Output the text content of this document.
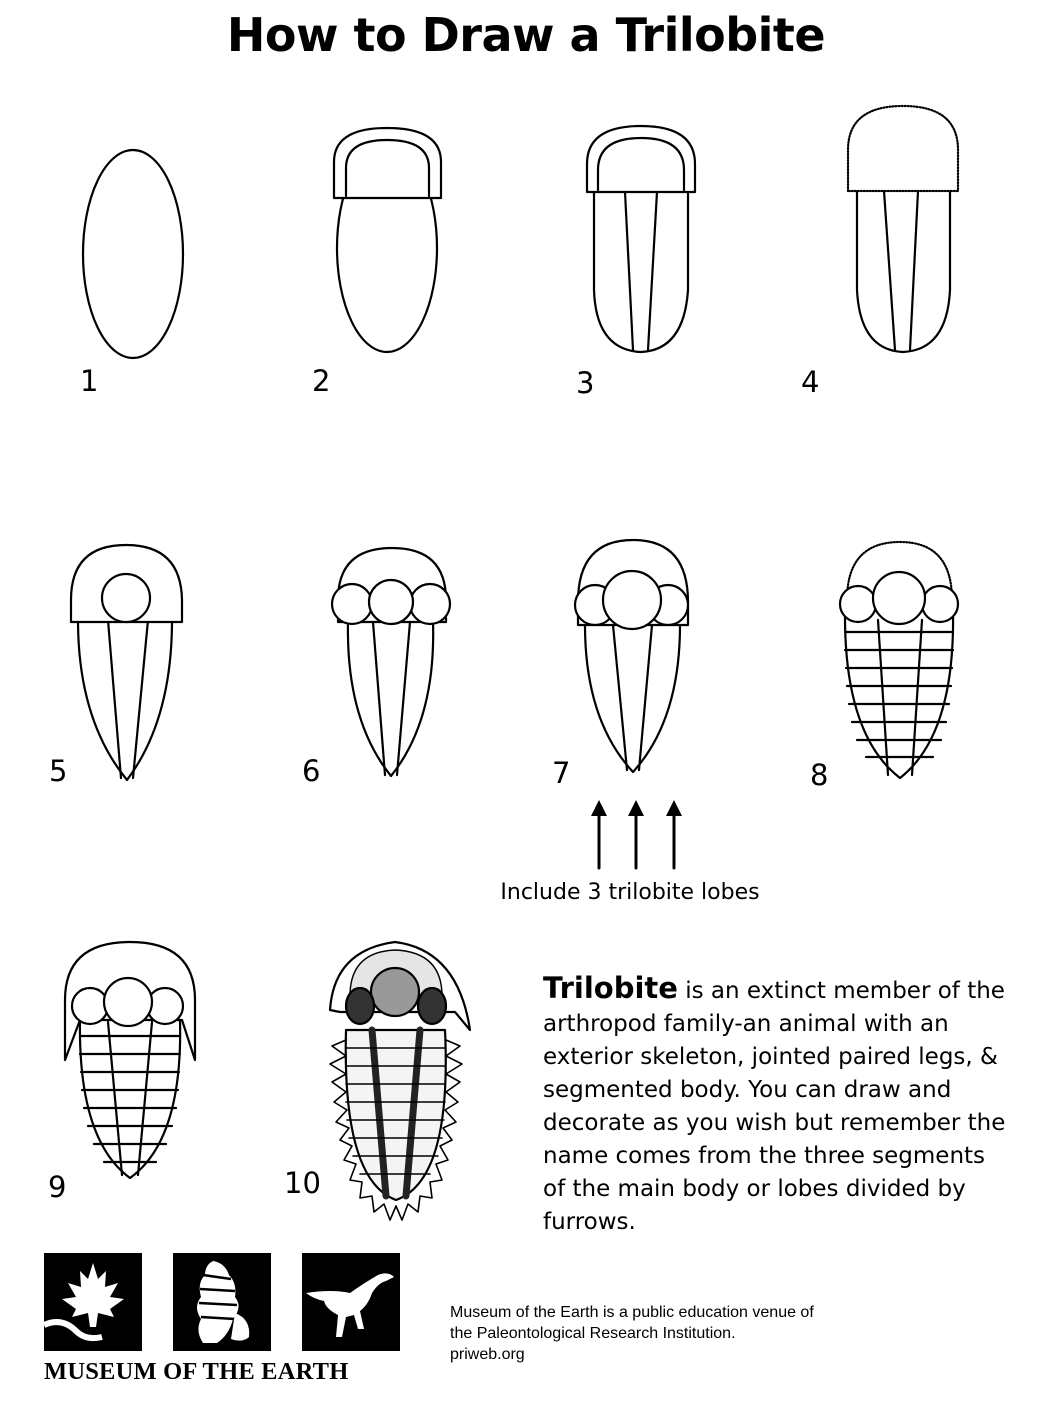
How to Draw a Trilobite
1	2	3	4
5	6	7	8
9	10
Include 3 trilobite lobes
Trilobite is an extinct member of the arthropod family-an animal with an exterior skeleton, jointed paired legs, & segmented body. You can draw and decorate as you wish but remember the name comes from the three segments of the main body or lobes divided by furrows.
MUSEUM OF THE EARTH
Museum of the Earth is a public education venue of
the Paleontological Research Institution.
priweb.org
